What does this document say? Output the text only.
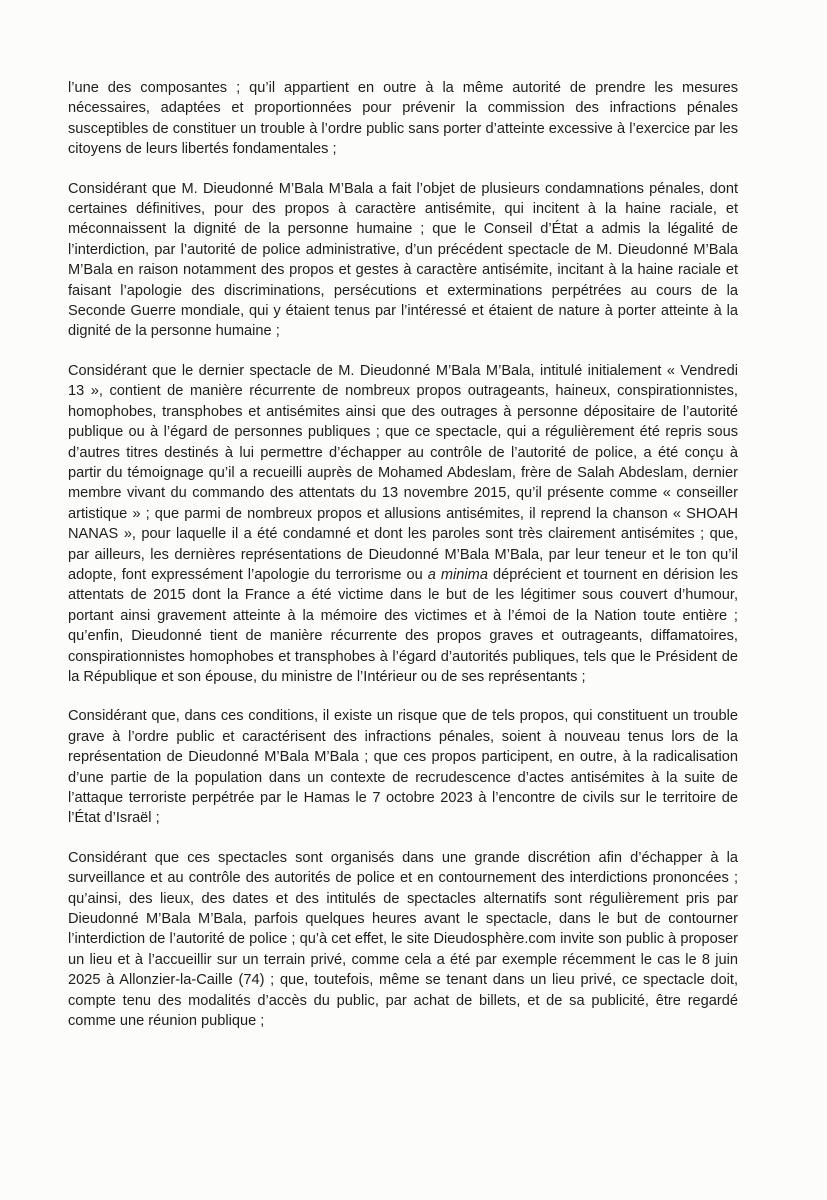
l’une des composantes ; qu’il appartient en outre à la même autorité de prendre les mesures nécessaires, adaptées et proportionnées pour prévenir la commission des infractions pénales susceptibles de constituer un trouble à l’ordre public sans porter d’atteinte excessive à l’exercice par les citoyens de leurs libertés fondamentales ;

Considérant que M. Dieudonné M’Bala M’Bala a fait l’objet de plusieurs condamnations pénales, dont certaines définitives, pour des propos à caractère antisémite, qui incitent à la haine raciale, et méconnaissent la dignité de la personne humaine ; que le Conseil d’État a admis la légalité de l’interdiction, par l’autorité de police administrative, d’un précédent spectacle de M. Dieudonné M’Bala M’Bala en raison notamment des propos et gestes à caractère antisémite, incitant à la haine raciale et faisant l’apologie des discriminations, persécutions et exterminations perpétrées au cours de la Seconde Guerre mondiale, qui y étaient tenus par l’intéressé et étaient de nature à porter atteinte à la dignité de la personne humaine ;

Considérant que le dernier spectacle de M. Dieudonné M’Bala M’Bala, intitulé initialement « Vendredi 13 », contient de manière récurrente de nombreux propos outrageants, haineux, conspirationnistes, homophobes, transphobes et antisémites ainsi que des outrages à personne dépositaire de l’autorité publique ou à l’égard de personnes publiques ; que ce spectacle, qui a régulièrement été repris sous d’autres titres destinés à lui permettre d’échapper au contrôle de l’autorité de police, a été conçu à partir du témoignage qu’il a recueilli auprès de Mohamed Abdeslam, frère de Salah Abdeslam, dernier membre vivant du commando des attentats du 13 novembre 2015, qu’il présente comme « conseiller artistique » ; que parmi de nombreux propos et allusions antisémites, il reprend la chanson « SHOAH NANAS », pour laquelle il a été condamné et dont les paroles sont très clairement antisémites ; que, par ailleurs, les dernières représentations de Dieudonné M’Bala M’Bala, par leur teneur et le ton qu’il adopte, font expressément l’apologie du terrorisme ou a minima déprécient et tournent en dérision les attentats de 2015 dont la France a été victime dans le but de les légitimer sous couvert d’humour, portant ainsi gravement atteinte à la mémoire des victimes et à l’émoi de la Nation toute entière ; qu’enfin, Dieudonné tient de manière récurrente des propos graves et outrageants, diffamatoires, conspirationnistes homophobes et transphobes à l’égard d’autorités publiques, tels que le Président de la République et son épouse, du ministre de l’Intérieur ou de ses représentants ;

Considérant que, dans ces conditions, il existe un risque que de tels propos, qui constituent un trouble grave à l’ordre public et caractérisent des infractions pénales, soient à nouveau tenus lors de la représentation de Dieudonné M’Bala M’Bala ; que ces propos participent, en outre, à la radicalisation d’une partie de la population dans un contexte de recrudescence d’actes antisémites à la suite de l’attaque terroriste perpétrée par le Hamas le 7 octobre 2023 à l’encontre de civils sur le territoire de l’État d’Israël ;

Considérant que ces spectacles sont organisés dans une grande discrétion afin d’échapper à la surveillance et au contrôle des autorités de police et en contournement des interdictions prononcées ; qu’ainsi, des lieux, des dates et des intitulés de spectacles alternatifs sont régulièrement pris par Dieudonné M’Bala M’Bala, parfois quelques heures avant le spectacle, dans le but de contourner l’interdiction de l’autorité de police ; qu’à cet effet, le site Dieudosphère.com invite son public à proposer un lieu et à l’accueillir sur un terrain privé, comme cela a été par exemple récemment le cas le 8 juin 2025 à Allonzier-la-Caille (74) ; que, toutefois, même se tenant dans un lieu privé, ce spectacle doit, compte tenu des modalités d’accès du public, par achat de billets, et de sa publicité, être regardé comme une réunion publique ;
